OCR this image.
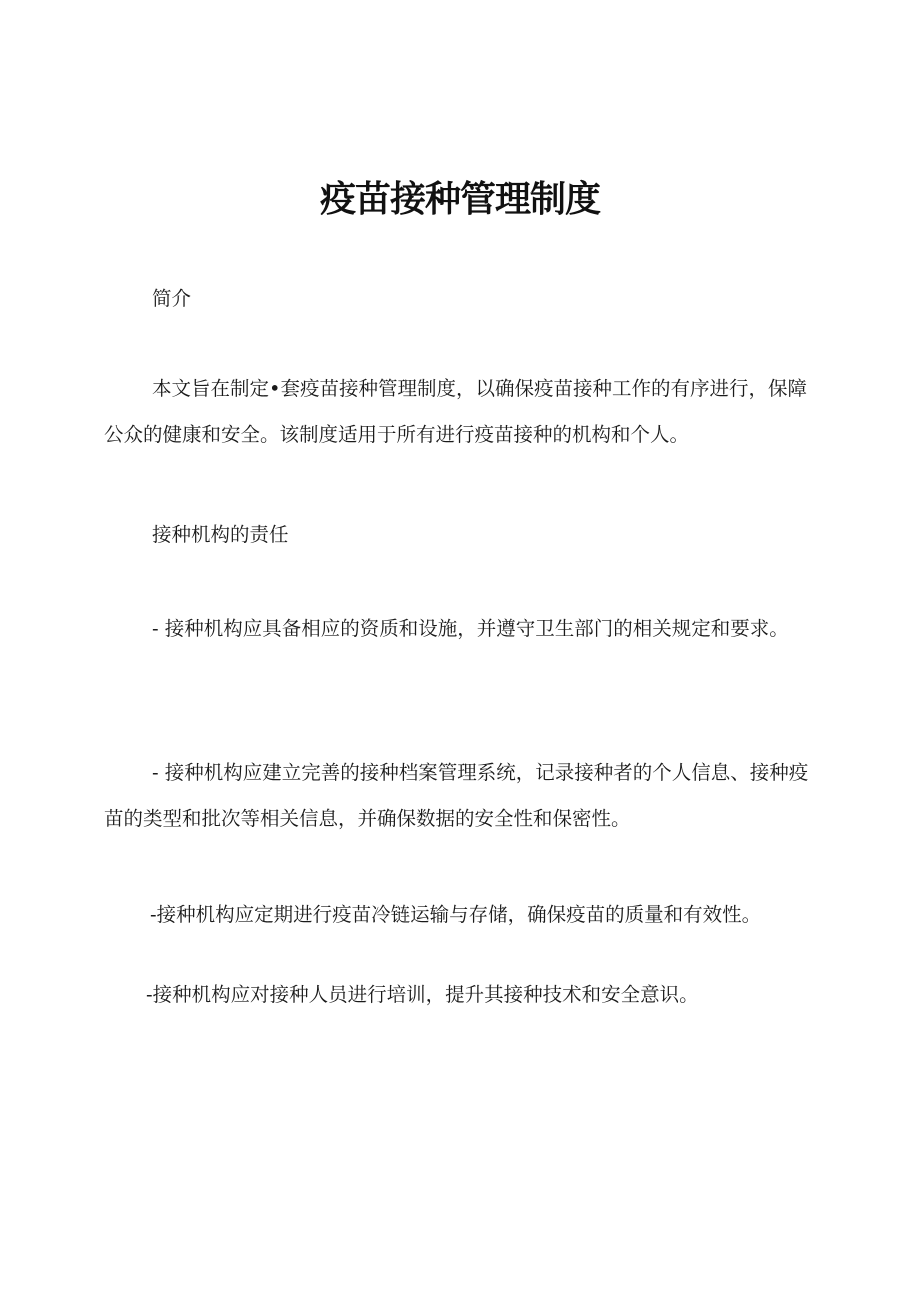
疫苗接种管理制度

简介

本文旨在制定•套疫苗接种管理制度，以确保疫苗接种工作的有序进行，保障公众的健康和安全。该制度适用于所有进行疫苗接种的机构和个人。

接种机构的责任

- 接种机构应具备相应的资质和设施，并遵守卫生部门的相关规定和要求。

- 接种机构应建立完善的接种档案管理系统，记录接种者的个人信息、接种疫苗的类型和批次等相关信息，并确保数据的安全性和保密性。

-接种机构应定期进行疫苗冷链运输与存储，确保疫苗的质量和有效性。

-接种机构应对接种人员进行培训，提升其接种技术和安全意识。
